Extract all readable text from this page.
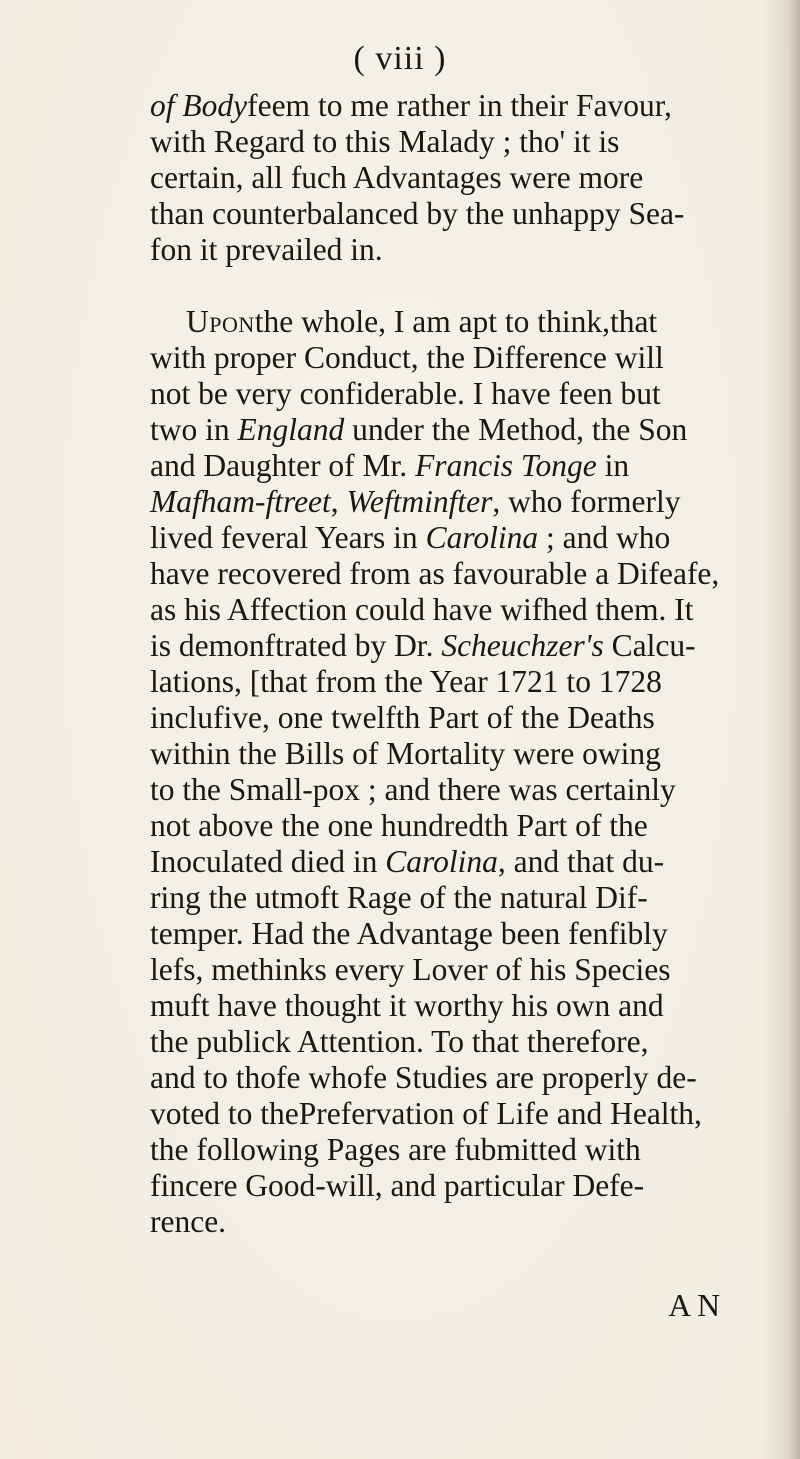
( viii )
of Bodyfeem to me rather in their Favour,
with Regard to this Malady ; tho' it is
certain, all fuch Advantages were more
than counterbalanced by the unhappy Sea-
fon it prevailed in.
Uponthe whole, I am apt to think,that
with proper Conduct, the Difference will
not be very confiderable. I have feen but
two in England under the Method, the Son
and Daughter of Mr. Francis Tonge in
Mafham-ftreet, Weftminfter, who formerly
lived feveral Years in Carolina ; and who
have recovered from as favourable a Difeafe,
as his Affection could have wifhed them. It
is demonftrated by Dr. Scheuchzer's Calcu-
lations, [that from the Year 1721 to 1728
inclufive, one twelfth Part of the Deaths
within the Bills of Mortality were owing
to the Small-pox ; and there was certainly
not above the one hundredth Part of the
Inoculated died in Carolina, and that du-
ring the utmoft Rage of the natural Dif-
temper. Had the Advantage been fenfibly
lefs, methinks every Lover of his Species
muft have thought it worthy his own and
the publick Attention. To that therefore,
and to thofe whofe Studies are properly de-
voted to thePrefervation of Life and Health,
the following Pages are fubmitted with
fincere Good-will, and particular Defe-
rence.
A N
